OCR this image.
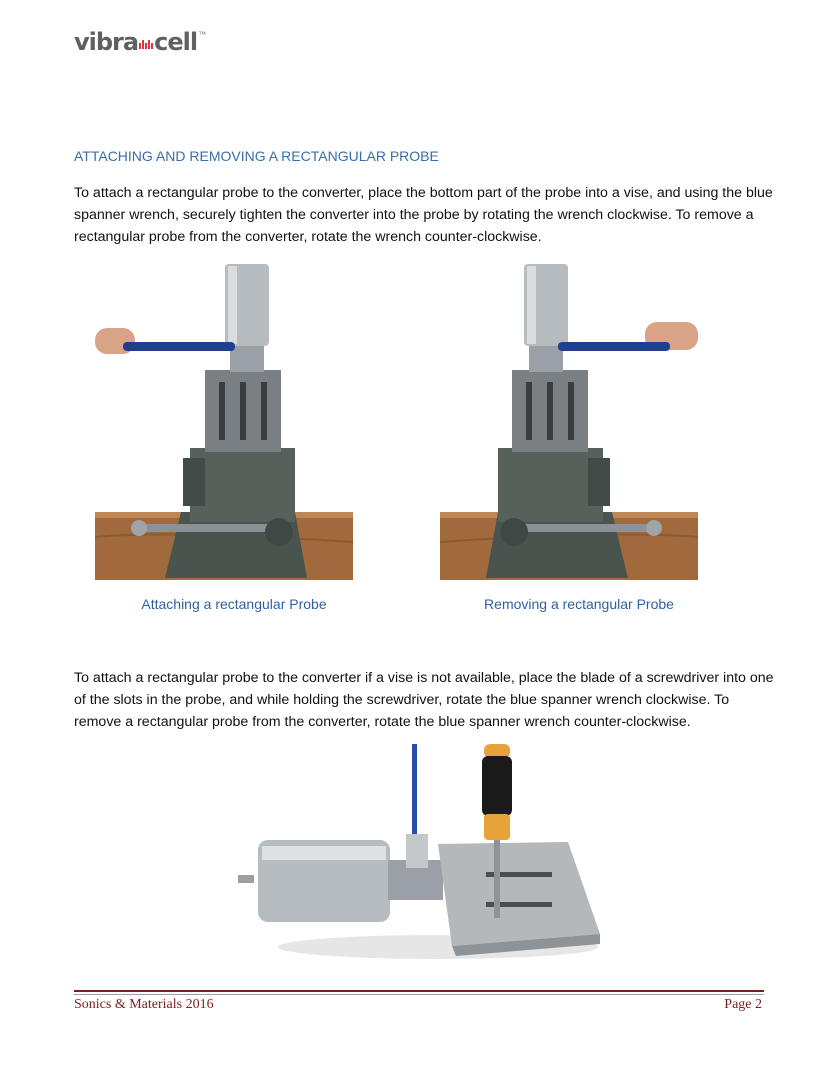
vibra cell ™
ATTACHING AND REMOVING A RECTANGULAR PROBE

To attach a rectangular probe to the converter, place the bottom part of the probe into a vise, and using the blue spanner wrench, securely tighten the converter into the probe by rotating the wrench clockwise. To remove a rectangular probe from the converter, rotate the wrench counter-clockwise.

Attaching a rectangular Probe	Removing a rectangular Probe

To attach a rectangular probe to the converter if a vise is not available, place the blade of a screwdriver into one of the slots in the probe, and while holding the screwdriver, rotate the blue spanner wrench clockwise. To remove a rectangular probe from the converter, rotate the blue spanner wrench counter-clockwise.

Sonics & Materials 2016	Page 2
